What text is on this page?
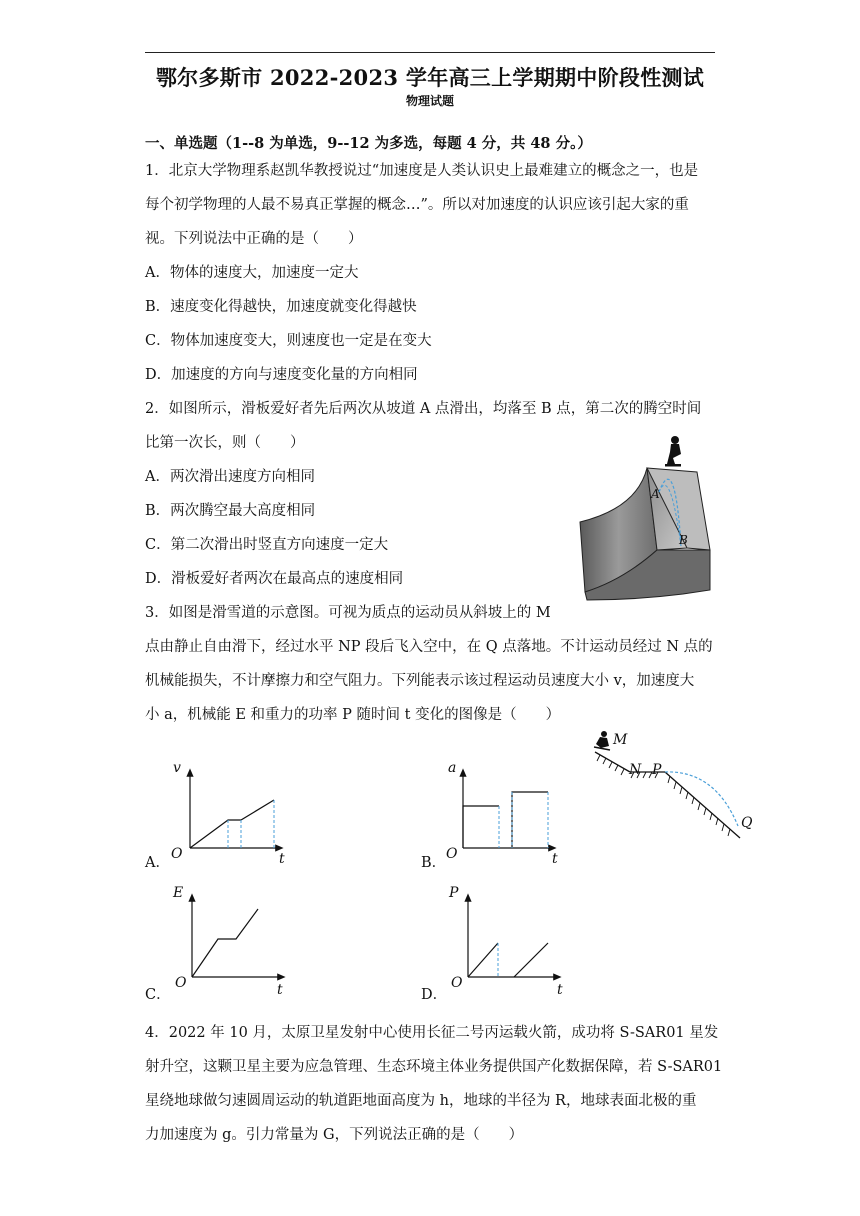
鄂尔多斯市 2022-2023 学年高三上学期期中阶段性测试
物理试题
一、单选题（1--8 为单选，9--12 为多选，每题 4 分，共 48 分。）
1．北京大学物理系赵凯华教授说过“加速度是人类认识史上最难建立的概念之一，也是
每个初学物理的人最不易真正掌握的概念…”。所以对加速度的认识应该引起大家的重
视。下列说法中正确的是（　　）
A．物体的速度大，加速度一定大
B．速度变化得越快，加速度就变化得越快
C．物体加速度变大，则速度也一定是在变大
D．加速度的方向与速度变化量的方向相同
2．如图所示，滑板爱好者先后两次从坡道 A 点滑出，均落至 B 点，第二次的腾空时间
比第一次长，则（　　）
A．两次滑出速度方向相同
B．两次腾空最大高度相同
C．第二次滑出时竖直方向速度一定大
D．滑板爱好者两次在最高点的速度相同
A
B
3．如图是滑雪道的示意图。可视为质点的运动员从斜坡上的 M
点由静止自由滑下，经过水平 NP 段后飞入空中，在 Q 点落地。不计运动员经过 N 点的
机械能损失，不计摩擦力和空气阻力。下列能表示该过程运动员速度大小 v，加速度大
小 a，机械能 E 和重力的功率 P 随时间 t 变化的图像是（　　）
M
N P
Q
v
O	t
A．
a
O	t
B．
E
O	t
C．
P
O	t
D．
4．2022 年 10 月，太原卫星发射中心使用长征二号丙运载火箭，成功将 S-SAR01 星发
射升空，这颗卫星主要为应急管理、生态环境主体业务提供国产化数据保障，若 S-SAR01
星绕地球做匀速圆周运动的轨道距地面高度为 h，地球的半径为 R，地球表面北极的重
力加速度为 g。引力常量为 G，下列说法正确的是（　　）
